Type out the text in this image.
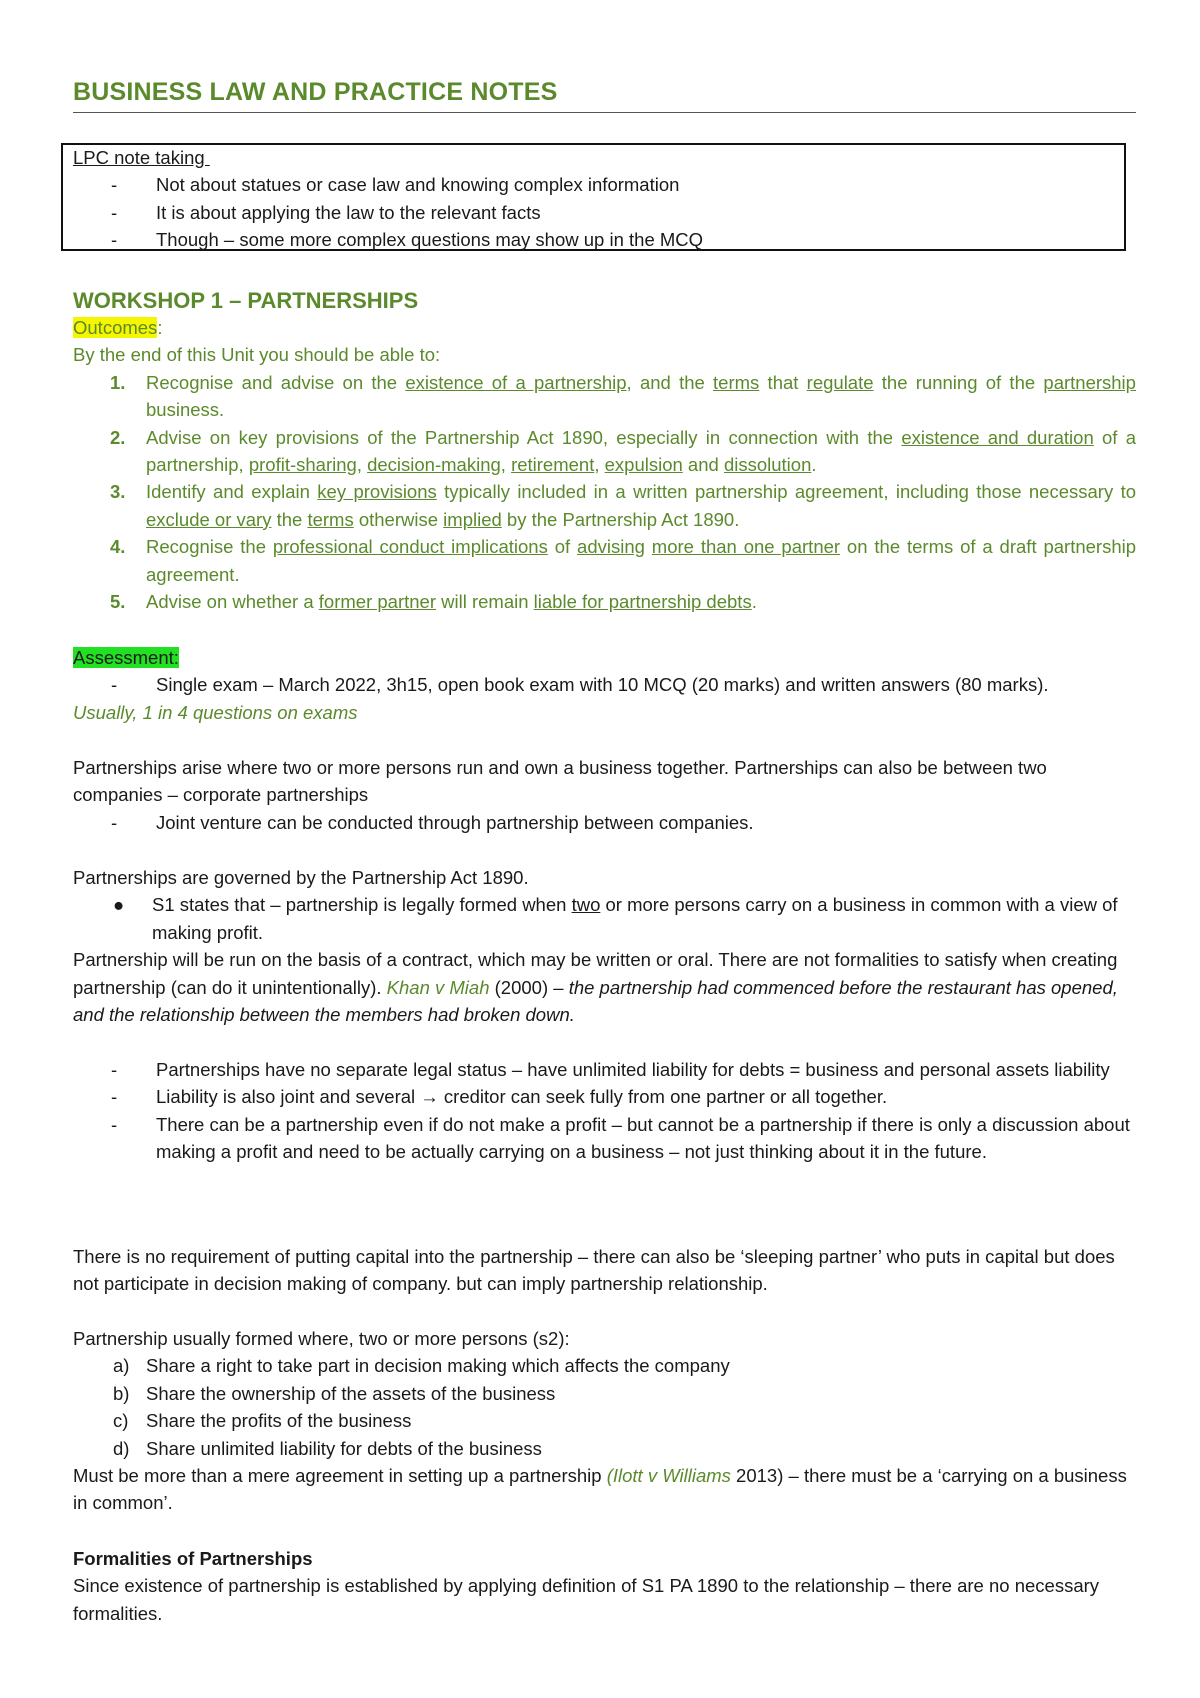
BUSINESS LAW AND PRACTICE NOTES

LPC note taking

-	Not about statues or case law and knowing complex information
-	It is about applying the law to the relevant facts
-	Though – some more complex questions may show up in the MCQ

WORKSHOP 1 – PARTNERSHIPS

Outcomes:

By the end of this Unit you should be able to:

1.	Recognise and advise on the existence of a partnership, and the terms that regulate the running of the partnership business.
2.	Advise on key provisions of the Partnership Act 1890, especially in connection with the existence and duration of a partnership, profit-sharing, decision-making, retirement, expulsion and dissolution.
3.	Identify and explain key provisions typically included in a written partnership agreement, including those necessary to exclude or vary the terms otherwise implied by the Partnership Act 1890.
4.	Recognise the professional conduct implications of advising more than one partner on the terms of a draft partnership agreement.
5.	Advise on whether a former partner will remain liable for partnership debts.

Assessment:

-	Single exam – March 2022, 3h15, open book exam with 10 MCQ (20 marks) and written answers (80 marks).

Usually, 1 in 4 questions on exams

Partnerships arise where two or more persons run and own a business together. Partnerships can also be between two companies – corporate partnerships

-	Joint venture can be conducted through partnership between companies.

Partnerships are governed by the Partnership Act 1890.

●	S1 states that – partnership is legally formed when two or more persons carry on a business in common with a view of making profit.

Partnership will be run on the basis of a contract, which may be written or oral. There are not formalities to satisfy when creating partnership (can do it unintentionally). Khan v Miah (2000) – the partnership had commenced before the restaurant has opened, and the relationship between the members had broken down.

-	Partnerships have no separate legal status – have unlimited liability for debts = business and personal assets liability
-	Liability is also joint and several → creditor can seek fully from one partner or all together.
-	There can be a partnership even if do not make a profit – but cannot be a partnership if there is only a discussion about making a profit and need to be actually carrying on a business – not just thinking about it in the future.

There is no requirement of putting capital into the partnership – there can also be ‘sleeping partner’ who puts in capital but does not participate in decision making of company. but can imply partnership relationship.

Partnership usually formed where, two or more persons (s2):

a) Share a right to take part in decision making which affects the company
b) Share the ownership of the assets of the business
c) Share the profits of the business
d) Share unlimited liability for debts of the business

Must be more than a mere agreement in setting up a partnership (Ilott v Williams 2013) – there must be a ‘carrying on a business in common’.

Formalities of Partnerships

Since existence of partnership is established by applying definition of S1 PA 1890 to the relationship – there are no necessary formalities.
